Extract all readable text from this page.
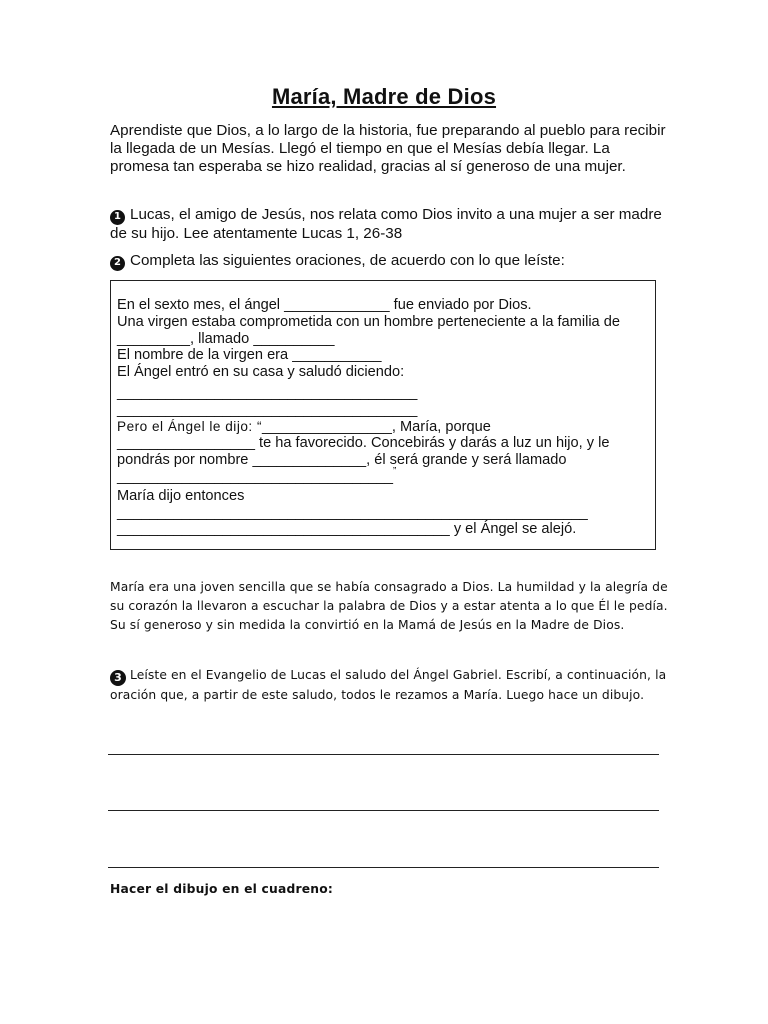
María, Madre de Dios

Aprendiste que Dios, a lo largo de la historia, fue preparando al pueblo para recibir la llegada de un Mesías. Llegó el tiempo en que el Mesías debía llegar. La promesa tan esperaba se hizo realidad, gracias al sí generoso de una mujer.

1 Lucas, el amigo de Jesús, nos relata como Dios invito a una mujer a ser madre de su hijo. Lee atentamente Lucas 1, 26-38

2 Completa las siguientes oraciones, de acuerdo con lo que leíste:

En el sexto mes, el ángel _____________ fue enviado por Dios.
Una virgen estaba comprometida con un hombre perteneciente a la familia de
_________, llamado __________
El nombre de la virgen era ___________
El Ángel entró en su casa y saludó diciendo:
_____________________________________
_____________________________________
Pero el Ángel le dijo: “________________, María, porque
_________________ te ha favorecido. Concebirás y darás a luz un hijo, y le
pondrás por nombre ______________, él será grande y será llamado
__________________________________”
María dijo entonces
__________________________________________________________
_________________________________________ y el Ángel se alejó.

María era una joven sencilla que se había consagrado a Dios. La humildad y la alegría de su corazón la llevaron a escuchar la palabra de Dios y a estar atenta a lo que Él le pedía. Su sí generoso y sin medida la convirtió en la Mamá de Jesús en la Madre de Dios.

3 Leíste en el Evangelio de Lucas el saludo del Ángel Gabriel. Escribí, a continuación, la oración que, a partir de este saludo, todos le rezamos a María. Luego hace un dibujo.

Hacer el dibujo en el cuadreno:
